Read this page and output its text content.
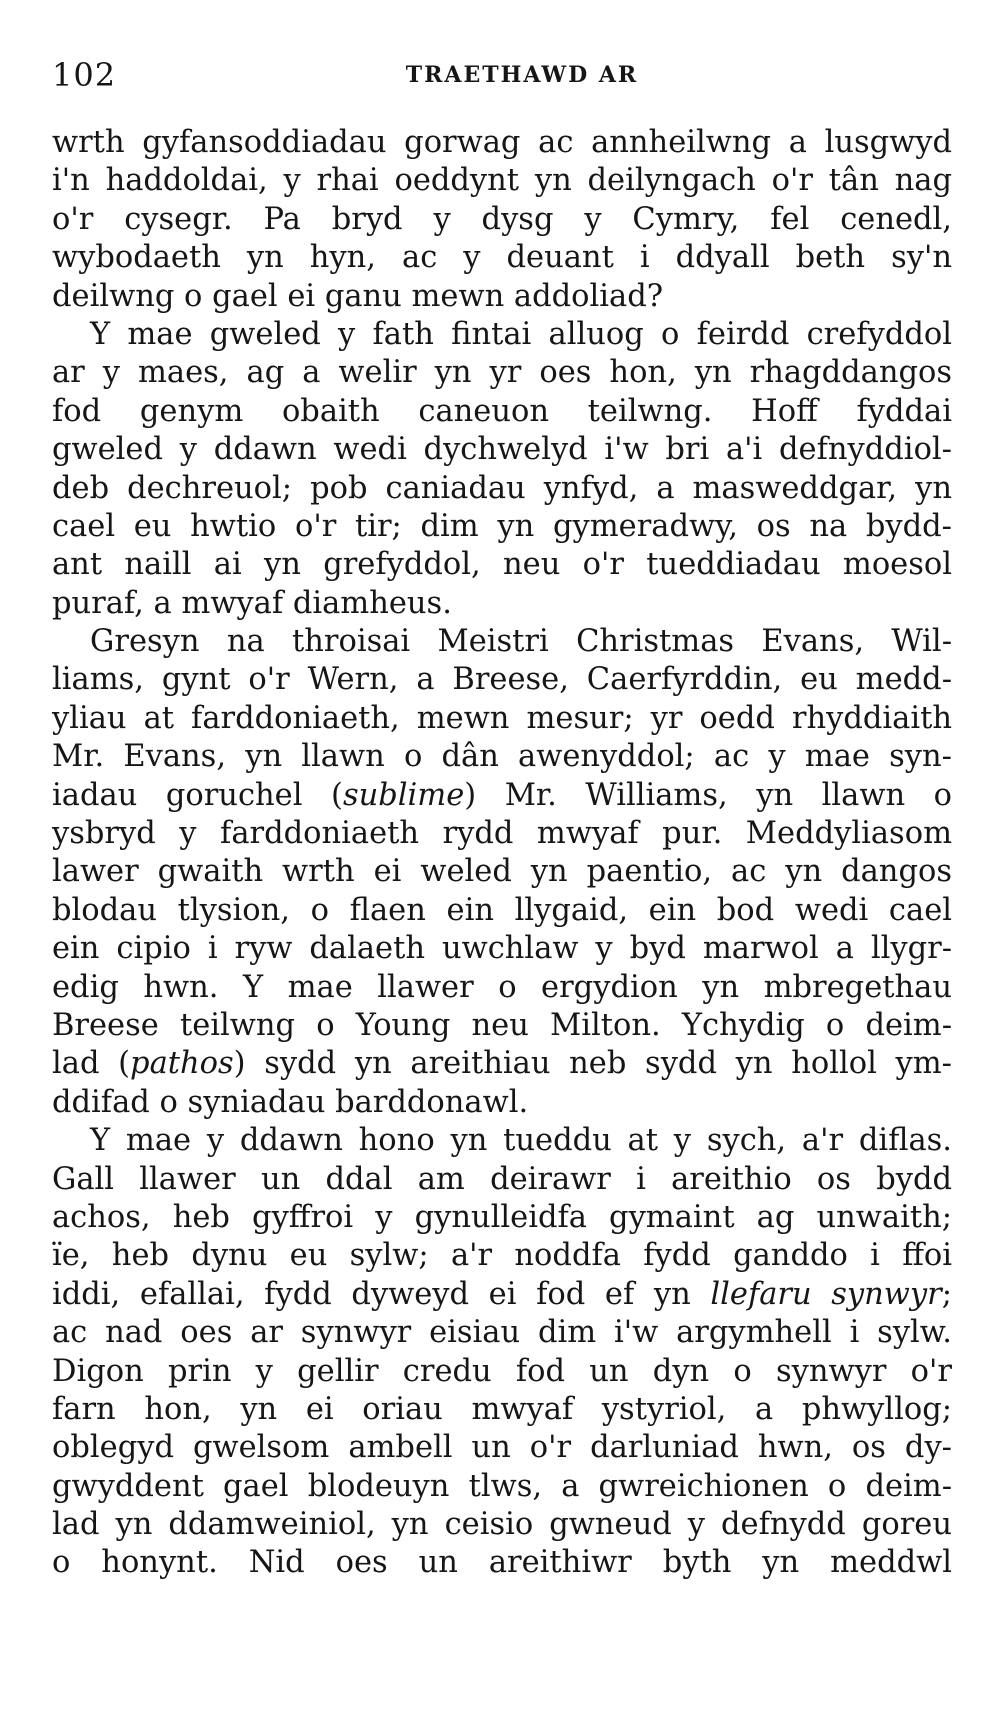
102	TRAETHAWD AR
wrth gyfansoddiadau gorwag ac annheilwng a lusgwyd
i'n haddoldai, y rhai oeddynt yn deilyngach o'r tân nag
o'r cysegr. Pa bryd y dysg y Cymry, fel cenedl,
wybodaeth yn hyn, ac y deuant i ddyall beth sy'n
deilwng o gael ei ganu mewn addoliad?
Y mae gweled y fath fintai alluog o feirdd crefyddol
ar y maes, ag a welir yn yr oes hon, yn rhagddangos
fod genym obaith caneuon teilwng. Hoff fyddai
gweled y ddawn wedi dychwelyd i'w bri a'i defnyddiol-
deb dechreuol; pob caniadau ynfyd, a masweddgar, yn
cael eu hwtio o'r tir; dim yn gymeradwy, os na bydd-
ant naill ai yn grefyddol, neu o'r tueddiadau moesol
puraf, a mwyaf diamheus.
Gresyn na throisai Meistri Christmas Evans, Wil-
liams, gynt o'r Wern, a Breese, Caerfyrddin, eu medd-
yliau at farddoniaeth, mewn mesur; yr oedd rhyddiaith
Mr. Evans, yn llawn o dân awenyddol; ac y mae syn-
iadau goruchel (sublime) Mr. Williams, yn llawn o
ysbryd y farddoniaeth rydd mwyaf pur. Meddyliasom
lawer gwaith wrth ei weled yn paentio, ac yn dangos
blodau tlysion, o flaen ein llygaid, ein bod wedi cael
ein cipio i ryw dalaeth uwchlaw y byd marwol a llygr-
edig hwn. Y mae llawer o ergydion yn mbregethau
Breese teilwng o Young neu Milton. Ychydig o deim-
lad (pathos) sydd yn areithiau neb sydd yn hollol ym-
ddifad o syniadau barddonawl.
Y mae y ddawn hono yn tueddu at y sych, a'r diflas.
Gall llawer un ddal am deirawr i areithio os bydd
achos, heb gyffroi y gynulleidfa gymaint ag unwaith;
ïe, heb dynu eu sylw; a'r noddfa fydd ganddo i ffoi
iddi, efallai, fydd dyweyd ei fod ef yn llefaru synwyr;
ac nad oes ar synwyr eisiau dim i'w argymhell i sylw.
Digon prin y gellir credu fod un dyn o synwyr o'r
farn hon, yn ei oriau mwyaf ystyriol, a phwyllog;
oblegyd gwelsom ambell un o'r darluniad hwn, os dy-
gwyddent gael blodeuyn tlws, a gwreichionen o deim-
lad yn ddamweiniol, yn ceisio gwneud y defnydd goreu
o honynt. Nid oes un areithiwr byth yn meddwl
